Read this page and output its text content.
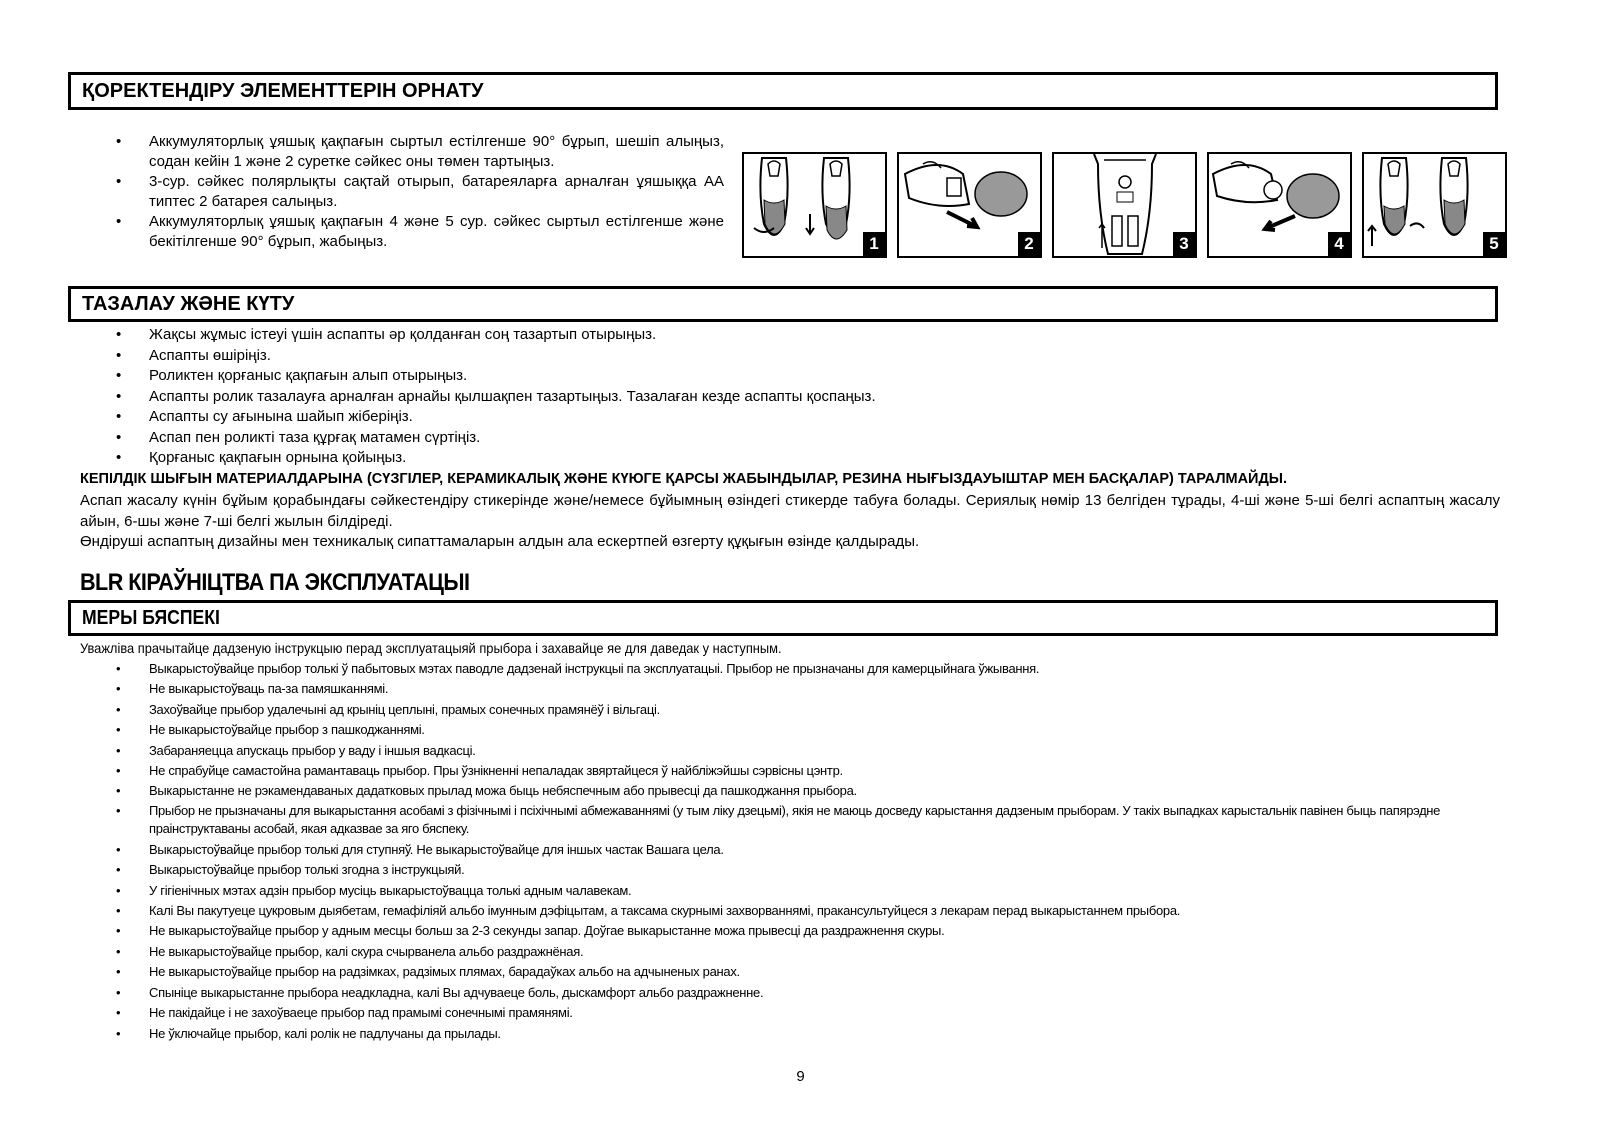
ҚОРЕКТЕНДІРУ ЭЛЕМЕНТТЕРІН ОРНАТУ
• Аккумуляторлық ұяшық қақпағын сыртыл естілгенше 90° бұрып, шешіп алыңыз, содан кейін 1 және 2 суретке сәйкес оны төмен тартыңыз.
• 3-сур. сәйкес полярлықты сақтай отырып, батареяларға арналған ұяшыққа АА типтес 2 батарея салыңыз.
• Аккумуляторлық ұяшық қақпағын 4 және 5 сур. сәйкес сыртыл естілгенше және бекітілгенше 90° бұрып, жабыңыз.	1	2	3	4	5
ТАЗАЛАУ ЖӘНЕ КҮТУ
• Жақсы жұмыс істеуі үшін аспапты әр қолданған соң тазартып отырыңыз.
• Аспапты өшіріңіз.
• Роликтен қорғаныс қақпағын алып отырыңыз.
• Аспапты ролик тазалауға арналған арнайы қылшақпен тазартыңыз. Тазалаған кезде аспапты қоспаңыз.
• Аспапты су ағынына шайып жіберіңіз.
• Аспап пен роликті таза құрғақ матамен сүртіңіз.
• Қорғаныс қақпағын орнына қойыңыз.
КЕПІЛДІК ШЫҒЫН МАТЕРИАЛДАРЫНА (СҮЗГІЛЕР, КЕРАМИКАЛЫҚ ЖӘНЕ КҮЮГЕ ҚАРСЫ ЖАБЫНДЫЛАР, РЕЗИНА НЫҒЫЗДАУЫШТАР МЕН БАСҚАЛАР) ТАРАЛМАЙДЫ.
Аспап жасалу күнін бұйым қорабындағы сәйкестендіру стикерінде және/немесе бұйымның өзіндегі стикерде табуға болады. Сериялық нөмір 13 белгіден тұрады, 4-ші және 5-ші белгі аспаптың жасалу айын, 6-шы және 7-ші белгі жылын білдіреді.
Өндіруші аспаптың дизайны мен техникалық сипаттамаларын алдын ала ескертпей өзгерту құқығын өзінде қалдырады.
BLR КІРАЎНІЦТВА ПА ЭКСПЛУАТАЦЫІ
МЕРЫ БЯСПЕКІ
Уважліва прачытайце дадзеную інструкцыю перад эксплуатацыяй прыбора і захавайце яе для даведак у наступным.
• Выкарыстоўвайце прыбор толькі ў пабытовых мэтах паводле дадзенай інструкцыі па эксплуатацыі. Прыбор не прызначаны для камерцыйнага ўжывання.
• Не выкарыстоўваць па-за памяшканнямі.
• Захоўвайце прыбор удалечыні ад крыніц цеплыні, прамых сонечных прамянёў і вільгаці.
• Не выкарыстоўвайце прыбор з пашкоджаннямі.
• Забараняецца апускаць прыбор у ваду і іншыя вадкасці.
• Не спрабуйце самастойна рамантаваць прыбор. Пры ўзнікненні непаладак звяртайцеся ў найбліжэйшы сэрвісны цэнтр.
• Выкарыстанне не рэкамендаваных дадатковых прылад можа быць небяспечным або прывесці да пашкоджання прыбора.
• Прыбор не прызначаны для выкарыстання асобамі з фізічнымі і псіхічнымі абмежаваннямі (у тым ліку дзецьмі), якія не маюць досведу карыстання дадзеным прыборам. У такіх выпадках карыстальнік павінен быць папярэдне праінструктаваны асобай, якая адказвае за яго бяспеку.
• Выкарыстоўвайце прыбор толькі для ступняў. Не выкарыстоўвайце для іншых частак Вашага цела.
• Выкарыстоўвайце прыбор толькі згодна з інструкцыяй.
• У гігіенічных мэтах адзін прыбор мусіць выкарыстоўвацца толькі адным чалавекам.
• Калі Вы пакутуеце цукровым дыябетам, гемафіліяй альбо імунным дэфіцытам, а таксама скурнымі захворваннямі, пракансультуйцеся з лекарам перад выкарыстаннем прыбора.
• Не выкарыстоўвайце прыбор у адным месцы больш за 2-3 секунды запар. Доўгае выкарыстанне можа прывесці да раздражнення скуры.
• Не выкарыстоўвайце прыбор, калі скура счырванела альбо раздражнёная.
• Не выкарыстоўвайце прыбор на радзімках, радзімых плямах, барадаўках альбо на адчыненых ранах.
• Спыніце выкарыстанне прыбора неадкладна, калі Вы адчуваеце боль, дыскамфорт альбо раздражненне.
• Не пакідайце і не захоўваеце прыбор пад прамымі сонечнымі прамянямі.
• Не ўключайце прыбор, калі ролік не падлучаны да прылады.
9
